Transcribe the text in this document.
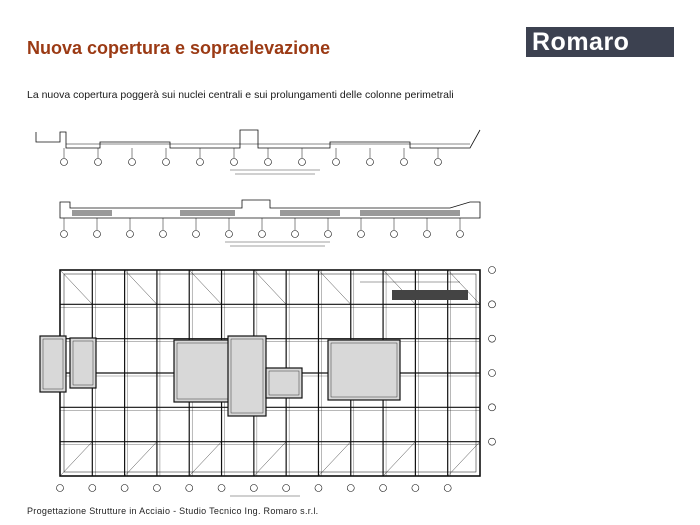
Nuova copertura e sopraelevazione	Romaro
La nuova copertura poggerà sui nuclei centrali e sui prolungamenti delle colonne perimetrali
Progettazione Strutture in Acciaio - Studio Tecnico Ing. Romaro s.r.l.
